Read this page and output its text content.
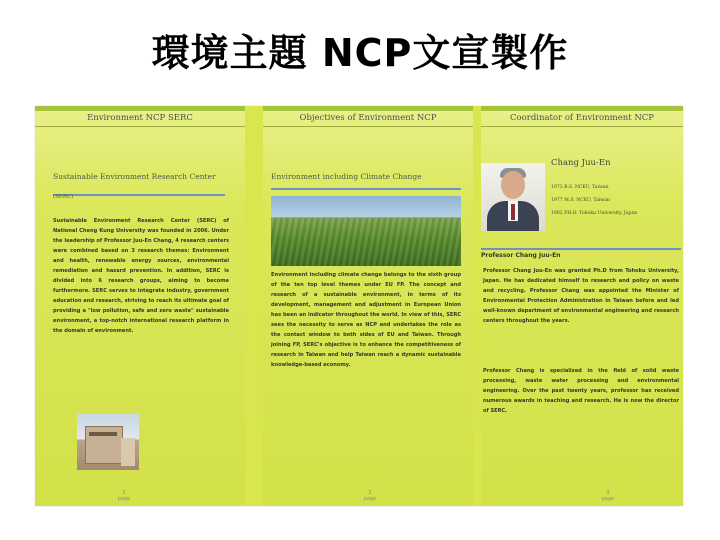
環境主題 NCP文宣製作
Environment NCP SERC
Sustainable Environment Research Center
(SERC)
Sustainable Environment Research Center (SERC) of National Cheng Kung University was founded in 2006. Under the leadership of Professor Juu-En Chang, 4 research centers were combined based on 3 research themes: Environment and health, renewable energy sources, environmental remediation and hazard prevention. In addition, SERC is divided into 6 research groups, aiming to become furthermore. SERC serves to integrate industry, government education and research, striving to reach its ultimate goal of providing a "low pollution, safe and zero waste" sustainable environment, a top-notch international research platform in the domain of environment.
1
page
Objectives of Environment NCP
Environment including Climate Change
Environment including climate change belongs to the sixth group of the ten top level themes under EU FP. The concept and research of a sustainable environment, in terms of its development, management and adjustment in European Union has been an indicator throughout the world. In view of this, SERC sees the necessity to serve as NCP and undertakes the role as the contact window to both sides of EU and Taiwan. Through joining FP, SERC's objective is to enhance the competitiveness of research in Taiwan and help Taiwan reach a dynamic sustainable knowledge-based economy.
2
page
Coordinator of Environment NCP
Chang Juu-En
1973 B.S. NCKU, Taiwan
1977 M.S. NCKU, Taiwan
1982 PH.D. Tohoku University, Japan
Professor Chang Juu-En
Professor Chang Juu-En was granted Ph.D from Tohoku University, Japan. He has dedicated himself to research and policy on waste and recycling. Professor Chang was appointed the Minister of Environmental Protection Administration in Taiwan before and led well-known department of environmental engineering and research centers throughout the years.
Professor Chang is specialized in the field of solid waste processing, waste water processing and environmental engineering. Over the past twenty years, professor has received numerous awards in teaching and research. He is now the director of SERC.
3
page
